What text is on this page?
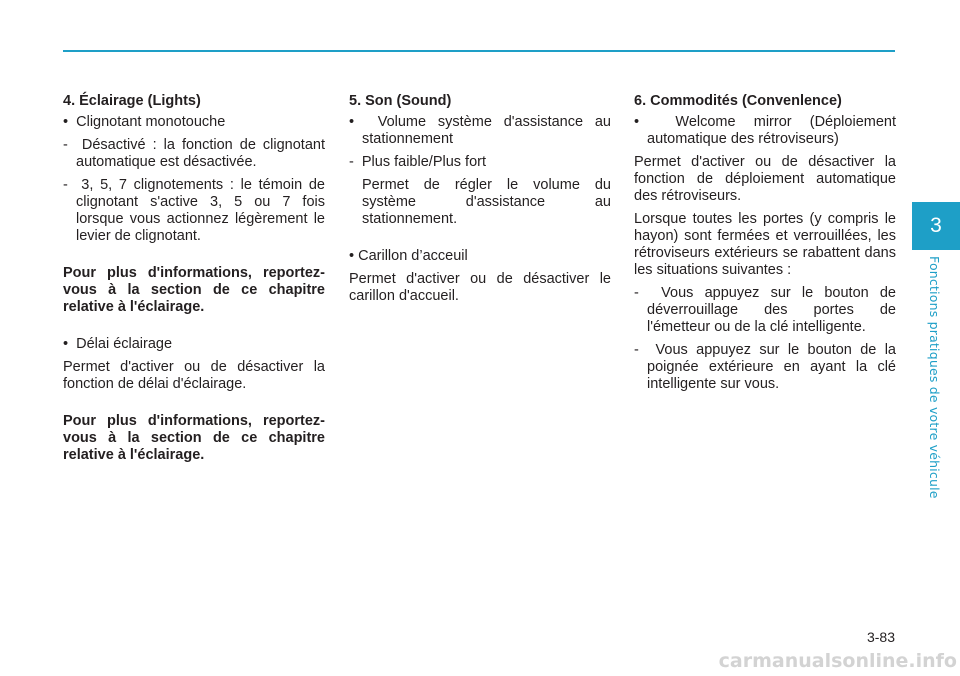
4. Éclairage (Lights)

•  Clignotant monotouche

-  Désactivé : la fonction de clignotant automatique est désactivée.

-  3, 5, 7 clignotements : le témoin de clignotant s'active 3, 5 ou 7 fois lorsque vous actionnez légèrement le levier de clignotant.

Pour plus d'informations, reportez-vous à la section de ce chapitre relative à l'éclairage.

•  Délai éclairage

Permet d'activer ou de désactiver la fonction de délai d'éclairage.

Pour plus d'informations, reportez-vous à la section de ce chapitre relative à l'éclairage.

5. Son (Sound)

•  Volume système d'assistance au stationnement

-  Plus faible/Plus fort

Permet de régler le volume du système d'assistance au stationnement.

• Carillon d’acceuil

Permet d'activer ou de désactiver le carillon d'accueil.

6. Commodités (Convenlence)

•  Welcome mirror (Déploiement automatique des rétroviseurs)

Permet d'activer ou de désactiver la fonction de déploiement automatique des rétroviseurs.

Lorsque toutes les portes (y compris le hayon) sont fermées et verrouillées, les rétroviseurs extérieurs se rabattent dans les situations suivantes :

-  Vous appuyez sur le bouton de déverrouillage des portes de l'émetteur ou de la clé intelligente.

-  Vous appuyez sur le bouton de la poignée extérieure en ayant la clé intelligente sur vous.

3
Fonctions pratiques de votre véhicule
3-83
carmanualsonline.info
